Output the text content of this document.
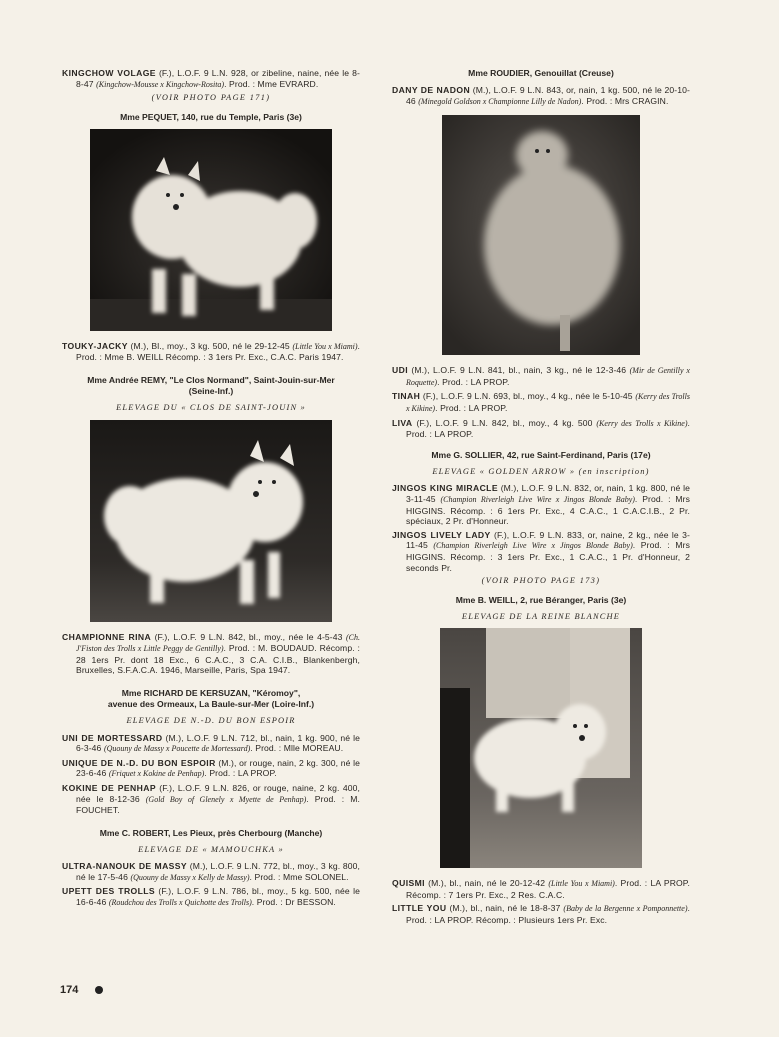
KINGCHOW VOLAGE (F.), L.O.F. 9 L.N. 928, or zibeline, naine, née le 8-8-47 (Kingchow-Mousse x Kingchow-Rosita). Prod. : Mme EVRARD.

(VOIR PHOTO PAGE 171)
Mme PEQUET, 140, rue du Temple, Paris (3e)

TOUKY-JACKY (M.), Bl., moy., 3 kg. 500, né le 29-12-45 (Little You x Miami). Prod. : Mme B. WEILL Récomp. : 3 1ers Pr. Exc., C.A.C. Paris 1947.

Mme Andrée REMY, "Le Clos Normand", Saint-Jouin-sur-Mer
(Seine-Inf.)
ELEVAGE DU « CLOS DE SAINT-JOUIN »

CHAMPIONNE RINA (F.), L.O.F. 9 L.N. 842, bl., moy., née le 4-5-43 (Ch. J'Fiston des Trolls x Little Peggy de Gentilly). Prod. : M. BOUDAUD. Récomp. : 28 1ers Pr. dont 18 Exc., 6 C.A.C., 3 C.A. C.I.B., Blankenbergh, Bruxelles, S.F.A.C.A. 1946, Marseille, Paris, Spa 1947.

Mme RICHARD DE KERSUZAN, "Kéromoy",
avenue des Ormeaux, La Baule-sur-Mer (Loire-Inf.)
ELEVAGE DE N.-D. DU BON ESPOIR

UNI DE MORTESSARD (M.), L.O.F. 9 L.N. 712, bl., nain, 1 kg. 900, né le 6-3-46 (Quouny de Massy x Poucette de Mortessard). Prod. : Mlle MOREAU.

UNIQUE DE N.-D. DU BON ESPOIR (M.), or rouge, nain, 2 kg. 300, né le 23-6-46 (Friquet x Kokine de Penhap). Prod. : LA PROP.

KOKINE DE PENHAP (F.), L.O.F. 9 L.N. 826, or rouge, naine, 2 kg. 400, née le 8-12-36 (Gold Boy of Glenely x Myette de Penhap). Prod. : M. FOUCHET.

Mme C. ROBERT, Les Pieux, près Cherbourg (Manche)
ELEVAGE DE « MAMOUCHKA »

ULTRA-NANOUK DE MASSY (M.), L.O.F. 9 L.N. 772, bl., moy., 3 kg. 800, né le 17-5-46 (Quouny de Massy x Kelly de Massy). Prod. : Mme SOLONEL.

UPETT DES TROLLS (F.), L.O.F. 9 L.N. 786, bl., moy., 5 kg. 500, née le 16-6-46 (Roudchou des Trolls x Quichotte des Trolls). Prod. : Dr BESSON.

Mme ROUDIER, Genouillat (Creuse)

DANY DE NADON (M.), L.O.F. 9 L.N. 843, or, nain, 1 kg. 500, né le 20-10-46 (Minegold Goldson x Championne Lilly de Nadon). Prod. : Mrs CRAGIN.

UDI (M.), L.O.F. 9 L.N. 841, bl., nain, 3 kg., né le 12-3-46 (Mir de Gentilly x Roquette). Prod. : LA PROP.

TINAH (F.), L.O.F. 9 L.N. 693, bl., moy., 4 kg., née le 5-10-45 (Kerry des Trolls x Kikine). Prod. : LA PROP.

LIVA (F.), L.O.F. 9 L.N. 842, bl., moy., 4 kg. 500 (Kerry des Trolls x Kikine). Prod. : LA PROP.

Mme G. SOLLIER, 42, rue Saint-Ferdinand, Paris (17e)
ELEVAGE « GOLDEN ARROW » (en inscription)

JINGOS KING MIRACLE (M.), L.O.F. 9 L.N. 832, or, nain, 1 kg. 800, né le 3-11-45 (Champion Riverleigh Live Wire x Jingos Blonde Baby). Prod. : Mrs HIGGINS. Récomp. : 6 1ers Pr. Exc., 4 C.A.C., 1 C.A.C.I.B., 2 Pr. spéciaux, 2 Pr. d'Honneur.

JINGOS LIVELY LADY (F.), L.O.F. 9 L.N. 833, or, naine, 2 kg., née le 3-11-45 (Champion Riverleigh Live Wire x Jingos Blonde Baby). Prod. : Mrs HIGGINS. Récomp. : 3 1ers Pr. Exc., 1 C.A.C., 1 Pr. d'Honneur, 2 seconds Pr.

(VOIR PHOTO PAGE 173)
Mme B. WEILL, 2, rue Béranger, Paris (3e)
ELEVAGE DE LA REINE BLANCHE

QUISMI (M.), bl., nain, né le 20-12-42 (Little You x Miami). Prod. : LA PROP. Récomp. : 7 1ers Pr. Exc., 2 Res. C.A.C.

LITTLE YOU (M.), bl., nain, né le 18-8-37 (Baby de la Bergenne x Pomponnette). Prod. : LA PROP. Récomp. : Plusieurs 1ers Pr. Exc.

174
